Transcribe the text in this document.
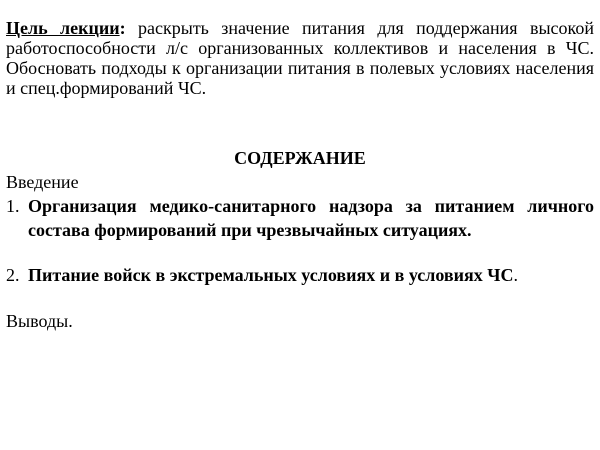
Цель лекции: раскрыть значение питания для поддержания высокой работоспособности л/с организованных коллективов и населения в ЧС. Обосновать подходы к организации питания в полевых условиях населения и спец.формирований ЧС.

СОДЕРЖАНИЕ
Введение
1. Организация медико-санитарного надзора за питанием личного состава формирований при чрезвычайных ситуациях.
2. Питание войск в экстремальных условиях и в условиях ЧС.
Выводы.
